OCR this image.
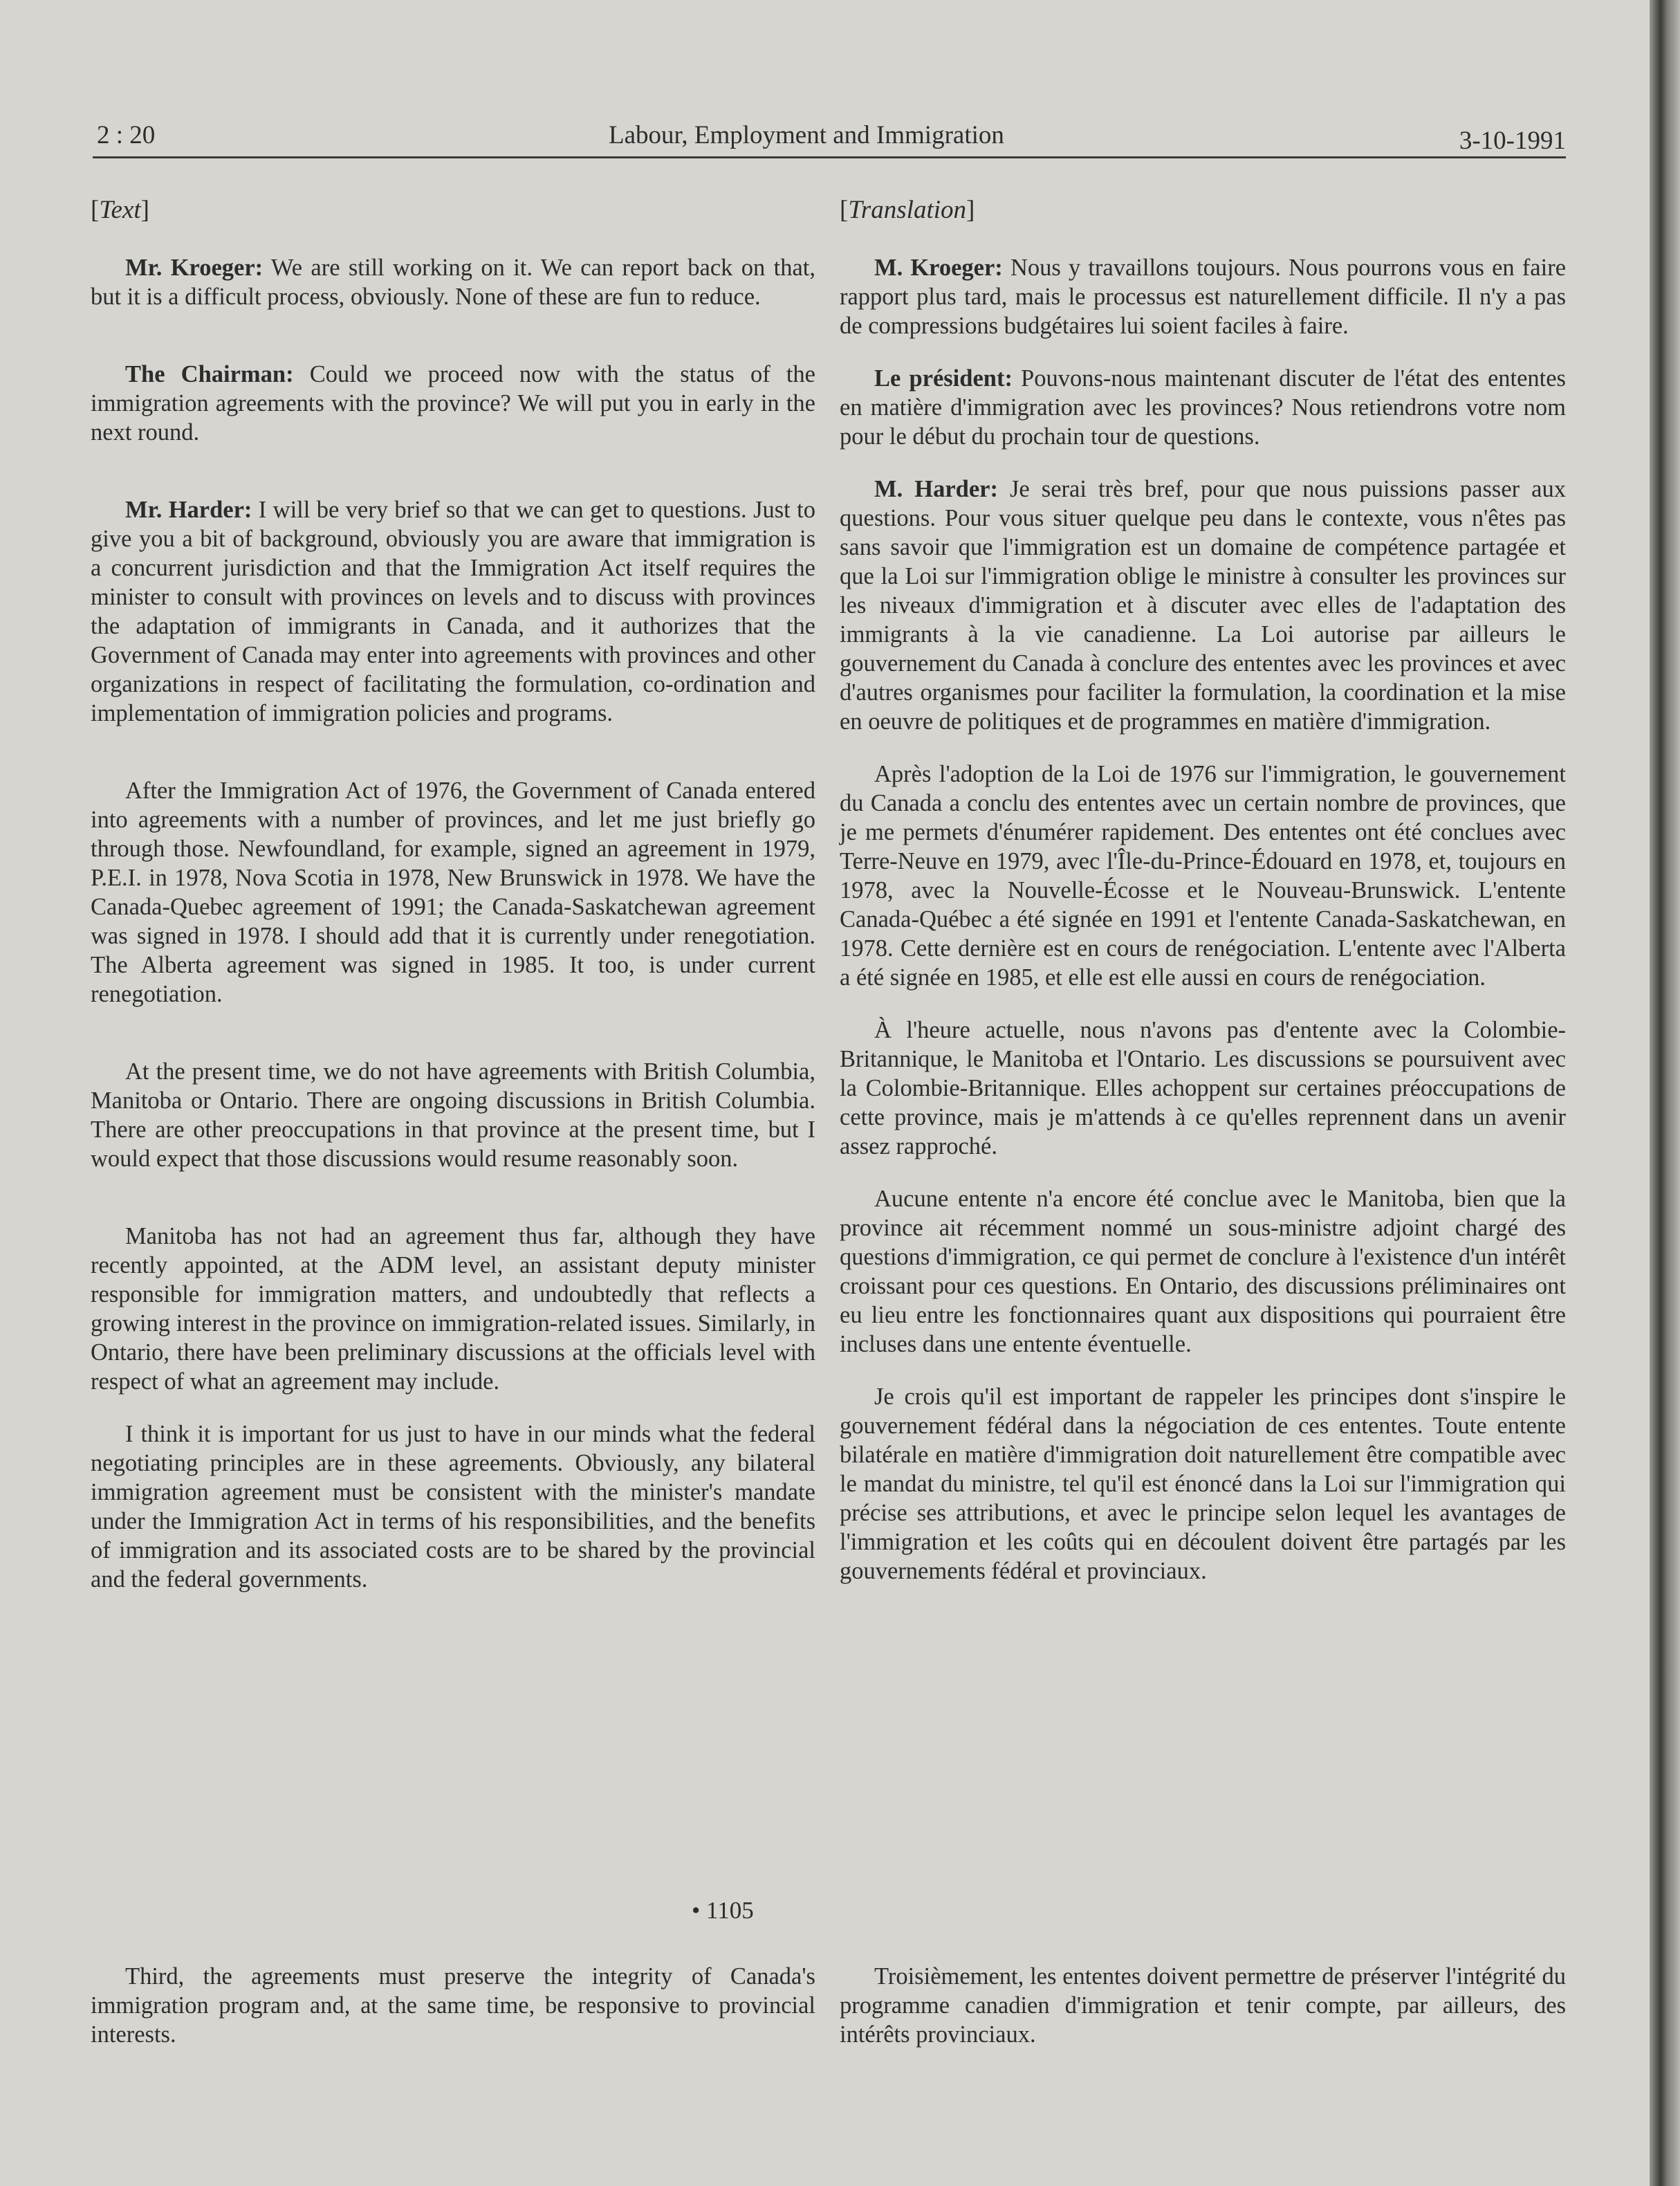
2 : 20	Labour, Employment and Immigration	3-10-1991
[Text]

Mr. Kroeger: We are still working on it. We can report back on that, but it is a difficult process, obviously. None of these are fun to reduce.

The Chairman: Could we proceed now with the status of the immigration agreements with the province? We will put you in early in the next round.

Mr. Harder: I will be very brief so that we can get to questions. Just to give you a bit of background, obviously you are aware that immigration is a concurrent jurisdiction and that the Immigration Act itself requires the minister to consult with provinces on levels and to discuss with provinces the adaptation of immigrants in Canada, and it authorizes that the Government of Canada may enter into agreements with provinces and other organizations in respect of facilitating the formulation, co-ordination and implementation of immigration policies and programs.

After the Immigration Act of 1976, the Government of Canada entered into agreements with a number of provinces, and let me just briefly go through those. Newfoundland, for example, signed an agreement in 1979, P.E.I. in 1978, Nova Scotia in 1978, New Brunswick in 1978. We have the Canada-Quebec agreement of 1991; the Canada-Saskatchewan agreement was signed in 1978. I should add that it is currently under renegotiation. The Alberta agreement was signed in 1985. It too, is under current renegotiation.

At the present time, we do not have agreements with British Columbia, Manitoba or Ontario. There are ongoing discussions in British Columbia. There are other preoccupations in that province at the present time, but I would expect that those discussions would resume reasonably soon.

Manitoba has not had an agreement thus far, although they have recently appointed, at the ADM level, an assistant deputy minister responsible for immigration matters, and undoubtedly that reflects a growing interest in the province on immigration-related issues. Similarly, in Ontario, there have been preliminary discussions at the officials level with respect of what an agreement may include.

I think it is important for us just to have in our minds what the federal negotiating principles are in these agreements. Obviously, any bilateral immigration agreement must be consistent with the minister's mandate under the Immigration Act in terms of his responsibilities, and the benefits of immigration and its associated costs are to be shared by the provincial and the federal governments.

[Translation]

M. Kroeger: Nous y travaillons toujours. Nous pourrons vous en faire rapport plus tard, mais le processus est naturellement difficile. Il n'y a pas de compressions budgétaires lui soient faciles à faire.

Le président: Pouvons-nous maintenant discuter de l'état des ententes en matière d'immigration avec les provinces? Nous retiendrons votre nom pour le début du prochain tour de questions.

M. Harder: Je serai très bref, pour que nous puissions passer aux questions. Pour vous situer quelque peu dans le contexte, vous n'êtes pas sans savoir que l'immigration est un domaine de compétence partagée et que la Loi sur l'immigration oblige le ministre à consulter les provinces sur les niveaux d'immigration et à discuter avec elles de l'adaptation des immigrants à la vie canadienne. La Loi autorise par ailleurs le gouvernement du Canada à conclure des ententes avec les provinces et avec d'autres organismes pour faciliter la formulation, la coordination et la mise en oeuvre de politiques et de programmes en matière d'immigration.

Après l'adoption de la Loi de 1976 sur l'immigration, le gouvernement du Canada a conclu des ententes avec un certain nombre de provinces, que je me permets d'énumérer rapidement. Des ententes ont été conclues avec Terre-Neuve en 1979, avec l'Île-du-Prince-Édouard en 1978, et, toujours en 1978, avec la Nouvelle-Écosse et le Nouveau-Brunswick. L'entente Canada-Québec a été signée en 1991 et l'entente Canada-Saskatchewan, en 1978. Cette dernière est en cours de renégociation. L'entente avec l'Alberta a été signée en 1985, et elle est elle aussi en cours de renégociation.

À l'heure actuelle, nous n'avons pas d'entente avec la Colombie-Britannique, le Manitoba et l'Ontario. Les discussions se poursuivent avec la Colombie-Britannique. Elles achoppent sur certaines préoccupations de cette province, mais je m'attends à ce qu'elles reprennent dans un avenir assez rapproché.

Aucune entente n'a encore été conclue avec le Manitoba, bien que la province ait récemment nommé un sous-ministre adjoint chargé des questions d'immigration, ce qui permet de conclure à l'existence d'un intérêt croissant pour ces questions. En Ontario, des discussions préliminaires ont eu lieu entre les fonctionnaires quant aux dispositions qui pourraient être incluses dans une entente éventuelle.

Je crois qu'il est important de rappeler les principes dont s'inspire le gouvernement fédéral dans la négociation de ces ententes. Toute entente bilatérale en matière d'immigration doit naturellement être compatible avec le mandat du ministre, tel qu'il est énoncé dans la Loi sur l'immigration qui précise ses attributions, et avec le principe selon lequel les avantages de l'immigration et les coûts qui en découlent doivent être partagés par les gouvernements fédéral et provinciaux.

• 1105

Third, the agreements must preserve the integrity of Canada's immigration program and, at the same time, be responsive to provincial interests.

Troisièmement, les ententes doivent permettre de préserver l'intégrité du programme canadien d'immigration et tenir compte, par ailleurs, des intérêts provinciaux.
